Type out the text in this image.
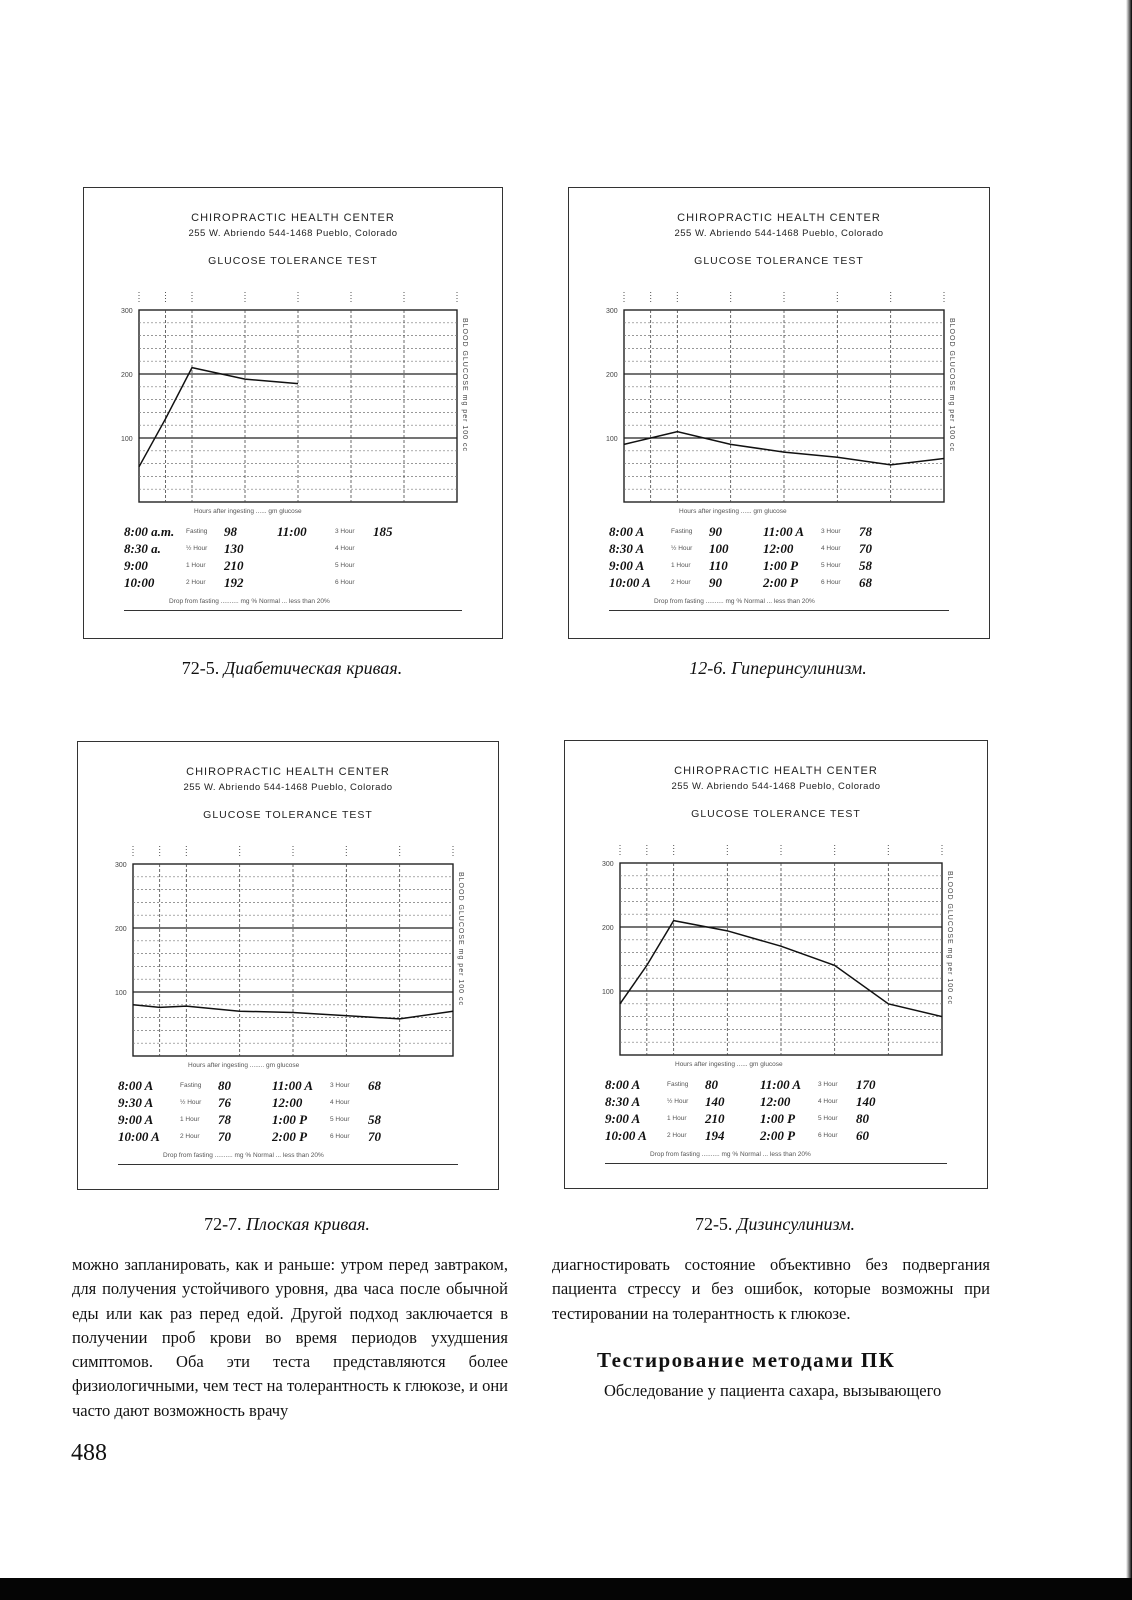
CHIROPRACTIC HEALTH CENTER
255 W. Abriendo 544-1468 Pueblo, Colorado
GLUCOSE TOLERANCE TEST
300
200
100	BLOOD GLUCOSE mg per 100 cc
Hours after ingesting ...... gm glucose
8:00 a.m. Fasting 98	11:00	3 Hour 185
8:30 a.	½ Hour 130	4 Hour
9:00	1 Hour 210	5 Hour
10:00	2 Hour 192	6 Hour
Drop from fasting .......... mg % Normal ... less than 20%
CHIROPRACTIC HEALTH CENTER
255 W. Abriendo 544-1468 Pueblo, Colorado
GLUCOSE TOLERANCE TEST
300
200
100	BLOOD GLUCOSE mg per 100 cc
Hours after ingesting ...... gm glucose
8:00 A	Fasting 90	11:00 A	3 Hour 78
8:30 A	½ Hour 100	12:00	4 Hour 70
9:00 A	1 Hour 110	1:00 P	5 Hour 58
10:00 A	2 Hour 90	2:00 P	6 Hour 68
Drop from fasting .......... mg % Normal ... less than 20%
CHIROPRACTIC HEALTH CENTER
255 W. Abriendo 544-1468 Pueblo, Colorado
GLUCOSE TOLERANCE TEST
300
200
100	BLOOD GLUCOSE mg per 100 cc
Hours after ingesting ........ gm glucose
8:00 A	Fasting 80	11:00 A	3 Hour 68
9:30 A	½ Hour 76	12:00	4 Hour
9:00 A	1 Hour 78	1:00 P	5 Hour 58
10:00 A	2 Hour 70	2:00 P	6 Hour 70
Drop from fasting .......... mg % Normal ... less than 20%
CHIROPRACTIC HEALTH CENTER
255 W. Abriendo 544-1468 Pueblo, Colorado
GLUCOSE TOLERANCE TEST
300
200
100	BLOOD GLUCOSE mg per 100 cc
Hours after ingesting ...... gm glucose
8:00 A	Fasting 80	11:00 A	3 Hour 170
8:30 A	½ Hour 140	12:00	4 Hour 140
9:00 A	1 Hour 210	1:00 P	5 Hour 80
10:00 A	2 Hour 194	2:00 P	6 Hour 60
Drop from fasting .......... mg % Normal ... less than 20%
72-5. Диабетическая кривая.	12-6. Гиперинсулинизм.
72-7. Плоская кривая.	72-5. Дизинсулинизм.
можно запланировать, как и раньше: утром перед завтраком, для получения устойчивого уровня, два часа после обычной еды или как раз перед едой. Другой подход заключается в получении проб крови во время периодов ухудшения симптомов. Оба эти теста представляются более физиологичными, чем тест на толерантность к глюкозе, и они часто дают возможность врачу
диагностировать состояние объективно без подвергания пациента стрессу и без ошибок, которые возможны при тестировании на толерантность к глюкозе.
Тестирование методами ПК
Обследование у пациента сахара, вызывающего
488
